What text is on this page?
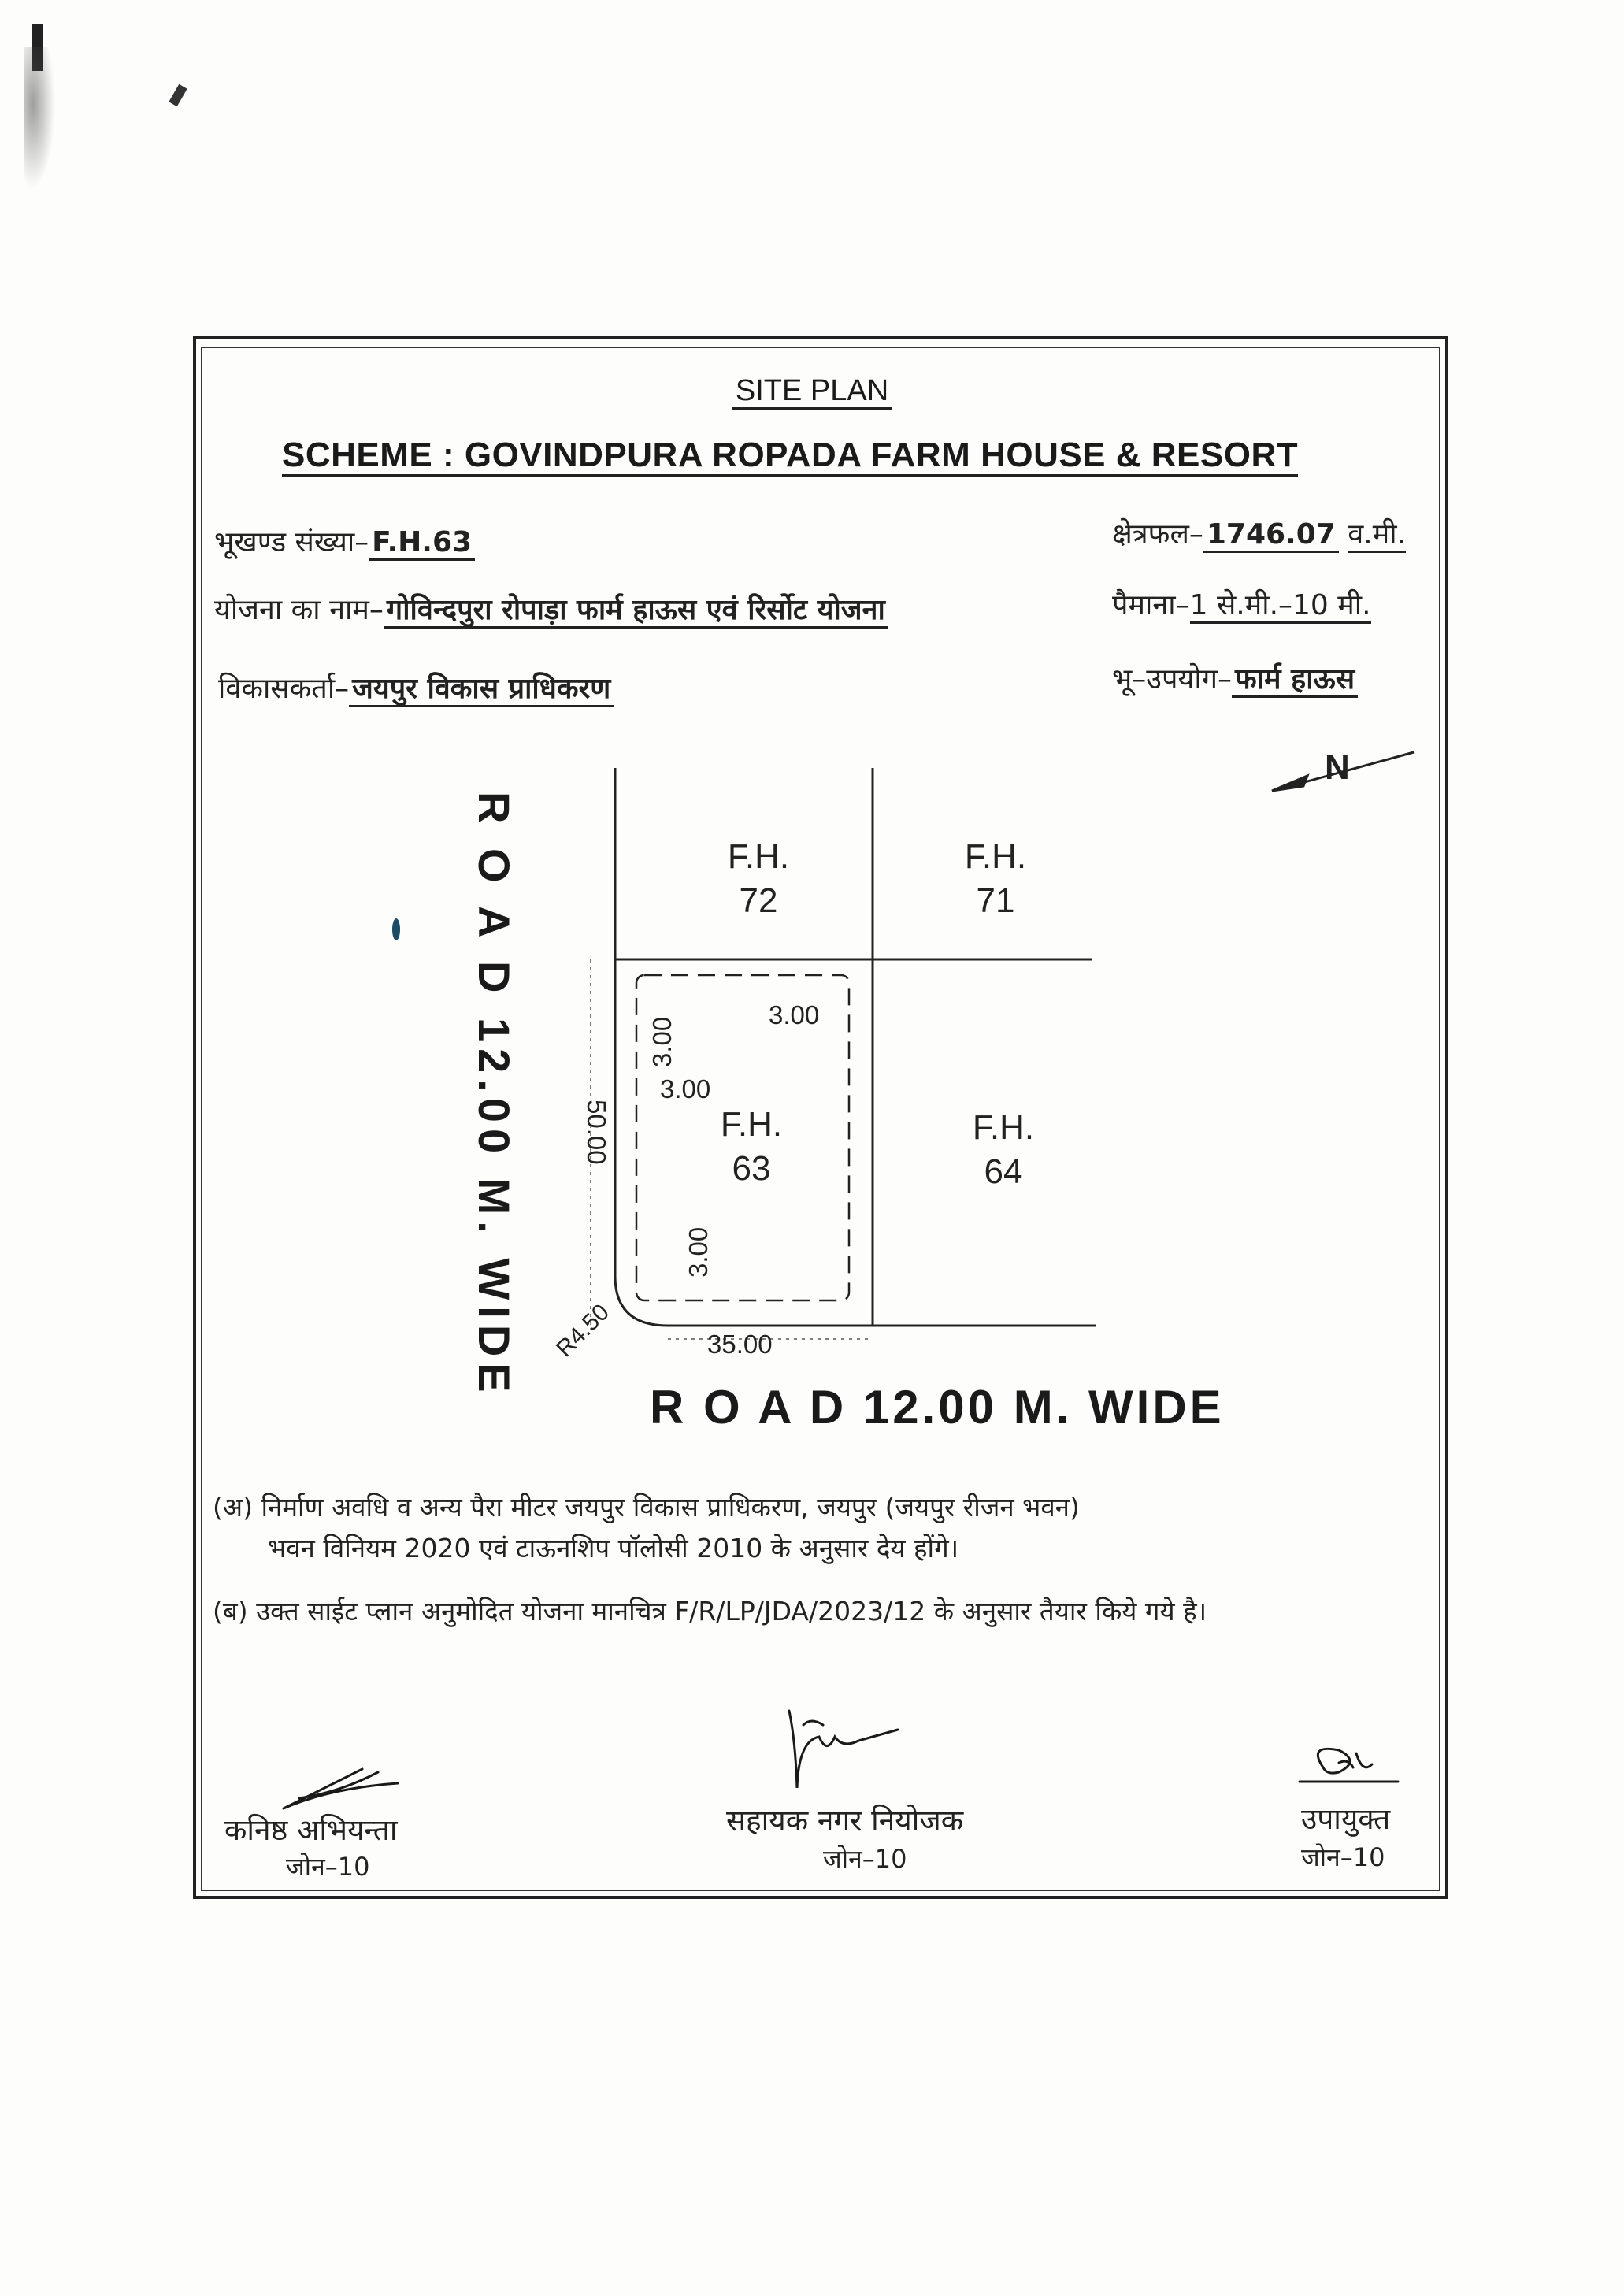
SITE PLAN
SCHEME : GOVINDPURA ROPADA FARM HOUSE & RESORT
भूखण्ड संख्या– F.H.63	क्षेत्रफल– 1746.07 व.मी.
योजना का नाम– गोविन्दपुरा रोपाड़ा फार्म हाऊस एवं रिर्सोट योजना	पैमाना–1 से.मी.–10 मी.
विकासकर्ता– जयपुर विकास प्राधिकरण	भू–उपयोग– फार्म हाऊस
N
F.H.
72
F.H.
71
F.H.
63
F.H.
64
3.00
3.00
3.00
3.00
50.00
35.00
R4.50
R O A D 12.00 M. WIDE
R O A D 12.00 M. WIDE
(अ) निर्माण अवधि व अन्य पैरा मीटर जयपुर विकास प्राधिकरण, जयपुर (जयपुर रीजन भवन)
भवन विनियम 2020 एवं टाऊनशिप पॉलोसी 2010 के अनुसार देय होंगे।
(ब) उक्त साईट प्लान अनुमोदित योजना मानचित्र F/R/LP/JDA/2023/12 के अनुसार तैयार किये गये है।
कनिष्ठ अभियन्ता
जोन–10
सहायक नगर नियोजक
जोन–10
उपायुक्त
जोन–10
